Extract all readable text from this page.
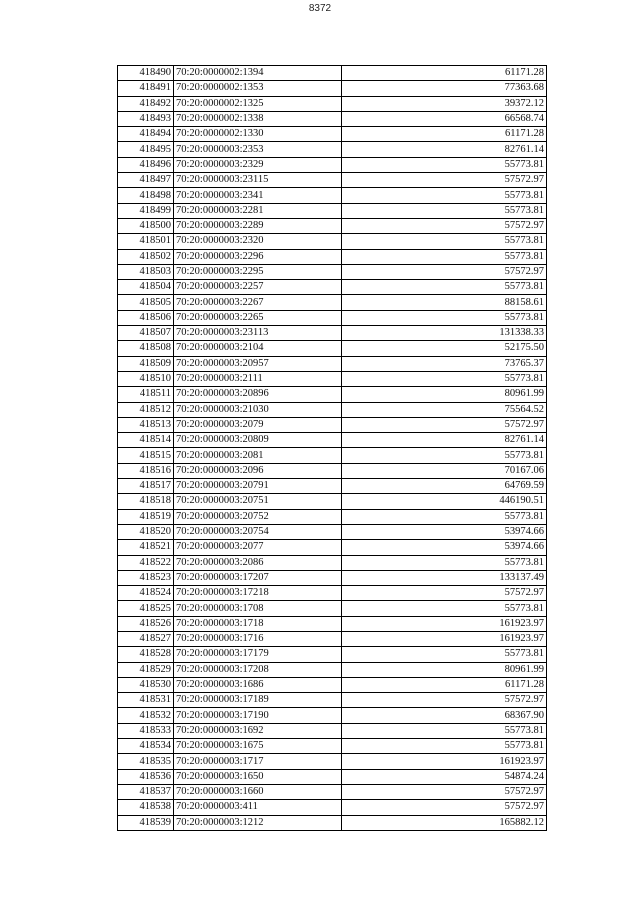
8372
418490	70:20:0000002:1394	61171.28
418491	70:20:0000002:1353	77363.68
418492	70:20:0000002:1325	39372.12
418493	70:20:0000002:1338	66568.74
418494	70:20:0000002:1330	61171.28
418495	70:20:0000003:2353	82761.14
418496	70:20:0000003:2329	55773.81
418497	70:20:0000003:23115	57572.97
418498	70:20:0000003:2341	55773.81
418499	70:20:0000003:2281	55773.81
418500	70:20:0000003:2289	57572.97
418501	70:20:0000003:2320	55773.81
418502	70:20:0000003:2296	55773.81
418503	70:20:0000003:2295	57572.97
418504	70:20:0000003:2257	55773.81
418505	70:20:0000003:2267	88158.61
418506	70:20:0000003:2265	55773.81
418507	70:20:0000003:23113	131338.33
418508	70:20:0000003:2104	52175.50
418509	70:20:0000003:20957	73765.37
418510	70:20:0000003:2111	55773.81
418511	70:20:0000003:20896	80961.99
418512	70:20:0000003:21030	75564.52
418513	70:20:0000003:2079	57572.97
418514	70:20:0000003:20809	82761.14
418515	70:20:0000003:2081	55773.81
418516	70:20:0000003:2096	70167.06
418517	70:20:0000003:20791	64769.59
418518	70:20:0000003:20751	446190.51
418519	70:20:0000003:20752	55773.81
418520	70:20:0000003:20754	53974.66
418521	70:20:0000003:2077	53974.66
418522	70:20:0000003:2086	55773.81
418523	70:20:0000003:17207	133137.49
418524	70:20:0000003:17218	57572.97
418525	70:20:0000003:1708	55773.81
418526	70:20:0000003:1718	161923.97
418527	70:20:0000003:1716	161923.97
418528	70:20:0000003:17179	55773.81
418529	70:20:0000003:17208	80961.99
418530	70:20:0000003:1686	61171.28
418531	70:20:0000003:17189	57572.97
418532	70:20:0000003:17190	68367.90
418533	70:20:0000003:1692	55773.81
418534	70:20:0000003:1675	55773.81
418535	70:20:0000003:1717	161923.97
418536	70:20:0000003:1650	54874.24
418537	70:20:0000003:1660	57572.97
418538	70:20:0000003:411	57572.97
418539	70:20:0000003:1212	165882.12
